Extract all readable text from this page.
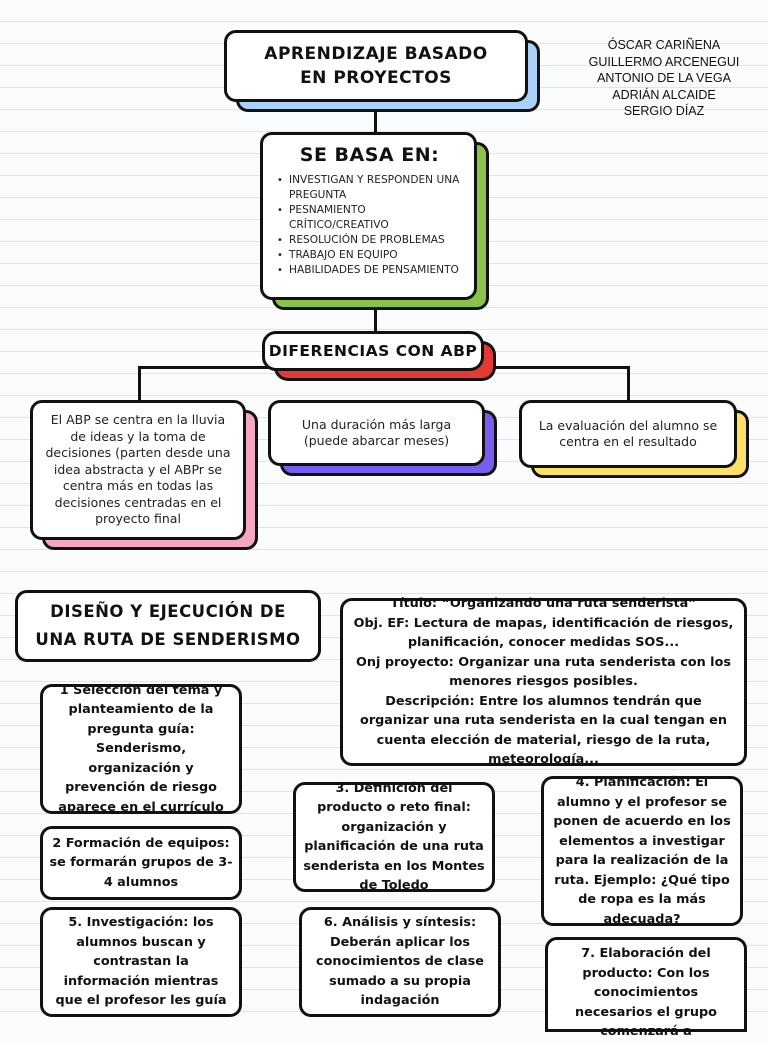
APRENDIZAJE BASADO
EN PROYECTOS
ÓSCAR CARIÑENA
GUILLERMO ARCENEGUI
ANTONIO DE LA VEGA
ADRIÁN ALCAIDE
SERGIO DÍAZ
SE BASA EN:
• INVESTIGAN Y RESPONDEN UNA PREGUNTA
• PESNAMIENTO CRÍTICO/CREATIVO
• RESOLUCIÓN DE PROBLEMAS
• TRABAJO EN EQUIPO
• HABILIDADES DE PENSAMIENTO
DIFERENCIAS CON ABP
El ABP se centra en la lluvia de ideas y la toma de decisiones (parten desde una idea abstracta y el ABPr se centra más en todas las decisiones centradas en el proyecto final
Una duración más larga (puede abarcar meses)
La evaluación del alumno se centra en el resultado
DISEÑO Y EJECUCIÓN DE
UNA RUTA DE SENDERISMO
Título: “Organizando una ruta senderista”
Obj. EF: Lectura de mapas, identificación de riesgos, planificación, conocer medidas SOS...
Onj proyecto: Organizar una ruta senderista con los menores riesgos posibles.
Descripción: Entre los alumnos tendrán que organizar una ruta senderista en la cual tengan en cuenta elección de material, riesgo de la ruta, meteorología...
1 Selección del tema y planteamiento de la pregunta guía: Senderismo, organización y prevención de riesgo aparece en el currículo
2 Formación de equipos: se formarán grupos de 3-4 alumnos
3. Definición del producto o reto final: organización y planificación de una ruta senderista en los Montes de Toledo
4. Planificación: El alumno y el profesor se ponen de acuerdo en los elementos a investigar para la realización de la ruta. Ejemplo: ¿Qué tipo de ropa es la más adecuada?
5. Investigación: los alumnos buscan y contrastan la información mientras que el profesor les guía
6. Análisis y síntesis: Deberán aplicar los conocimientos de clase sumado a su propia indagación
7. Elaboración del producto: Con los conocimientos necesarios el grupo comenzará a
